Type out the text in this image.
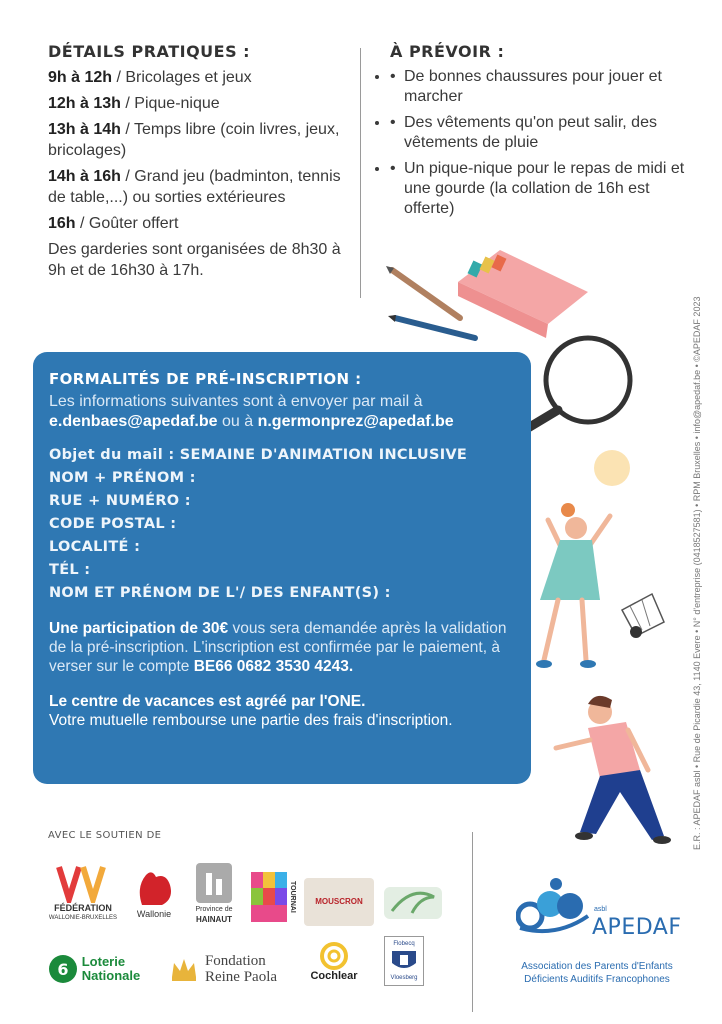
DÉTAILS PRATIQUES :

9h à 12h / Bricolages et jeux

12h à 13h / Pique-nique

13h à 14h / Temps libre (coin livres, jeux, bricolages)

14h à 16h / Grand jeu (badminton, tennis de table,...) ou sorties extérieures

16h / Goûter offert

Des garderies sont organisées de 8h30 à 9h et de 16h30 à 17h.

À PRÉVOIR :
• • De bonnes chaussures pour jouer et marcher
• • Des vêtements qu'on peut salir, des vêtements de pluie
• • Un pique-nique pour le repas de midi et une gourde (la collation de 16h est offerte)
FORMALITÉS DE PRÉ-INSCRIPTION :

Les informations suivantes sont à envoyer par mail à

e.denbaes@apedaf.be ou à n.germonprez@apedaf.be

Objet du mail : SEMAINE D'ANIMATION INCLUSIVE
NOM + PRÉNOM :
RUE + NUMÉRO :
CODE POSTAL :
LOCALITÉ :
TÉL :
NOM ET PRÉNOM DE L'/ DES ENFANT(S) :

Une participation de 30€ vous sera demandée après la validation de la pré-inscription. L'inscription est confirmée par le paiement, à verser sur le compte BE66 0682 3530 4243.

Le centre de vacances est agréé par l'ONE.
Votre mutuelle rembourse une partie des frais d'inscription.	E.R. : APEDAF asbl • Rue de Picardie 43, 1140 Evere • N° d'entreprise (0418527581) • RPM Bruxelles • info@apedaf.be • ©APEDAF 2023
AVEC LE SOUTIEN DE
FÉDÉRATION
WALLONIE-BRUXELLES Wallonie	Province de
HAINAUT
TOURNAI MOUSCRON
6 Loterie
Nationale
Fondation
Reine Paola	Cochlear
Flobecq
Vloesberg
asbl
APEDAF
Association des Parents d'Enfants
Déficients Auditifs Francophones
